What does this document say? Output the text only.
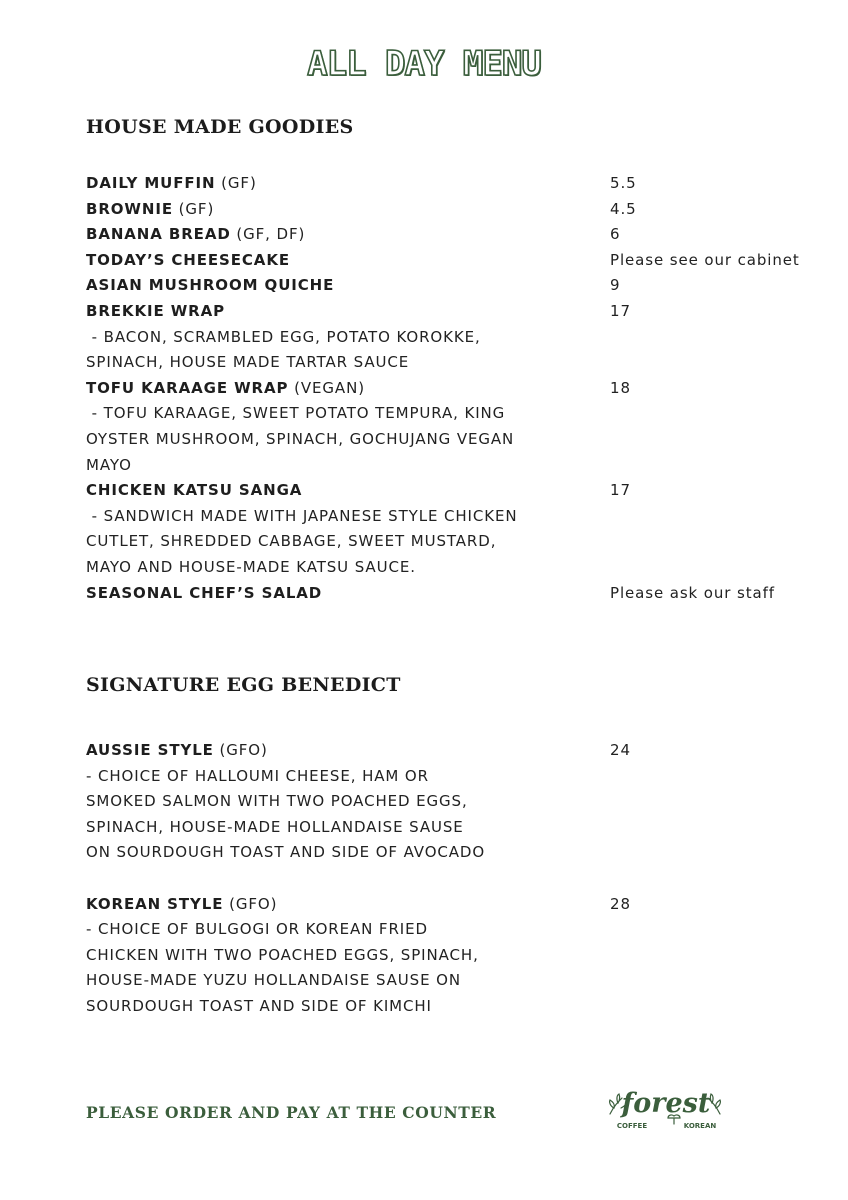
ALL DAY MENU
HOUSE MADE GOODIES
DAILY MUFFIN (GF)	5.5
BROWNIE (GF)	4.5
BANANA BREAD (GF, DF)	6
TODAY’S CHEESECAKE	Please see our cabinet
ASIAN MUSHROOM QUICHE	9
BREKKIE WRAP	17
- BACON, SCRAMBLED EGG, POTATO KOROKKE,
SPINACH, HOUSE MADE TARTAR SAUCE
TOFU KARAAGE WRAP (VEGAN)	18
- TOFU KARAAGE, SWEET POTATO TEMPURA, KING
OYSTER MUSHROOM, SPINACH, GOCHUJANG VEGAN
MAYO
CHICKEN KATSU SANGA	17
- SANDWICH MADE WITH JAPANESE STYLE CHICKEN
CUTLET, SHREDDED CABBAGE, SWEET MUSTARD,
MAYO AND HOUSE-MADE KATSU SAUCE.
SEASONAL CHEF’S SALAD	Please ask our staff
SIGNATURE EGG BENEDICT
AUSSIE STYLE (GFO)	24
- CHOICE OF HALLOUMI CHEESE, HAM OR
SMOKED SALMON WITH TWO POACHED EGGS,
SPINACH, HOUSE-MADE HOLLANDAISE SAUSE
ON SOURDOUGH TOAST AND SIDE OF AVOCADO
KOREAN STYLE (GFO)	28
- CHOICE OF BULGOGI OR KOREAN FRIED
CHICKEN WITH TWO POACHED EGGS, SPINACH,
HOUSE-MADE YUZU HOLLANDAISE SAUSE ON
SOURDOUGH TOAST AND SIDE OF KIMCHI
PLEASE ORDER AND PAY AT THE COUNTER	forest
COFFEE	KOREAN
